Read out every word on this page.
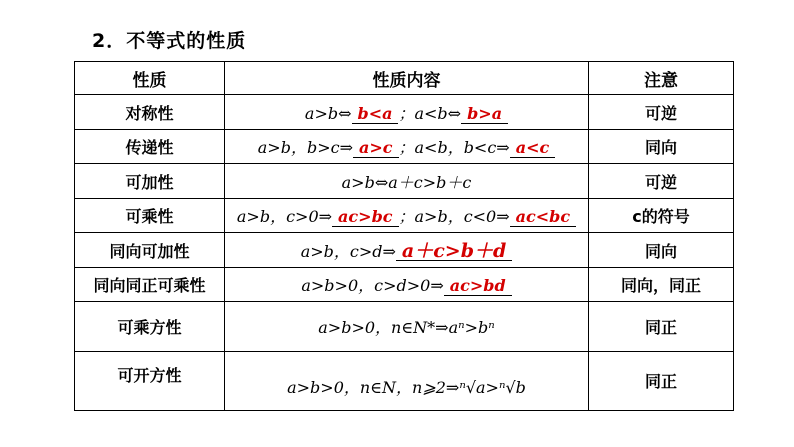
2．不等式的性质
性质	性质内容	注意
对称性	a>b⇔ b<a ；a<b⇔ b>a	可逆
传递性	a>b，b>c⇒ a>c ；a<b，b<c⇒ a<c	同向
可加性	a>b⇔a＋c>b＋c	可逆
可乘性	a>b，c>0⇒ ac>bc ；a>b，c<0⇒ ac<bc	c的符号
同向可加性	a>b，c>d⇒ a＋c>b＋d	同向
同向同正可乘性	a>b>0，c>d>0⇒ ac>bd	同向，同正
可乘方性	a>b>0，n∈N*⇒aⁿ>bⁿ	同正
可开方性	a>b>0，n∈N，n⩾2⇒ⁿ√a>ⁿ√b	同正
